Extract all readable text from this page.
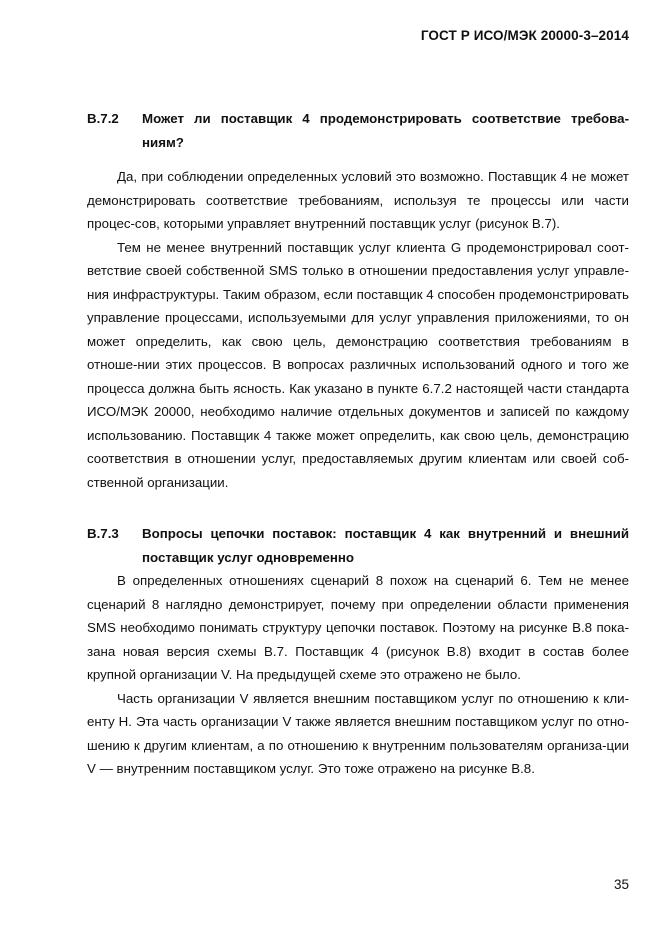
ГОСТ Р ИСО/МЭК 20000-3–2014
B.7.2	Может ли поставщик 4 продемонстрировать соответствие требова-ниям?

Да, при соблюдении определенных условий это возможно. Поставщик 4 не может демонстрировать соответствие требованиям, используя те процессы или части процес-сов, которыми управляет внутренний поставщик услуг (рисунок B.7).

Тем не менее внутренний поставщик услуг клиента G продемонстрировал соот-ветствие своей собственной SMS только в отношении предоставления услуг управле-ния инфраструктуры. Таким образом, если поставщик 4 способен продемонстрировать управление процессами, используемыми для услуг управления приложениями, то он может определить, как свою цель, демонстрацию соответствия требованиям в отноше-нии этих процессов. В вопросах различных использований одного и того же процесса должна быть ясность. Как указано в пункте 6.7.2 настоящей части стандарта ИСО/МЭК 20000, необходимо наличие отдельных документов и записей по каждому использованию. Поставщик 4 также может определить, как свою цель, демонстрацию соответствия в отношении услуг, предоставляемых другим клиентам или своей соб-ственной организации.

B.7.3	Вопросы цепочки поставок: поставщик 4 как внутренний и внешний поставщик услуг одновременно

В определенных отношениях сценарий 8 похож на сценарий 6. Тем не менее сценарий 8 наглядно демонстрирует, почему при определении области применения SMS необходимо понимать структуру цепочки поставок. Поэтому на рисунке B.8 пока-зана новая версия схемы B.7. Поставщик 4 (рисунок B.8) входит в состав более крупной организации V. На предыдущей схеме это отражено не было.

Часть организации V является внешним поставщиком услуг по отношению к кли-енту H. Эта часть организации V также является внешним поставщиком услуг по отно-шению к другим клиентам, а по отношению к внутренним пользователям организа-ции V — внутренним поставщиком услуг. Это тоже отражено на рисунке B.8.

35
